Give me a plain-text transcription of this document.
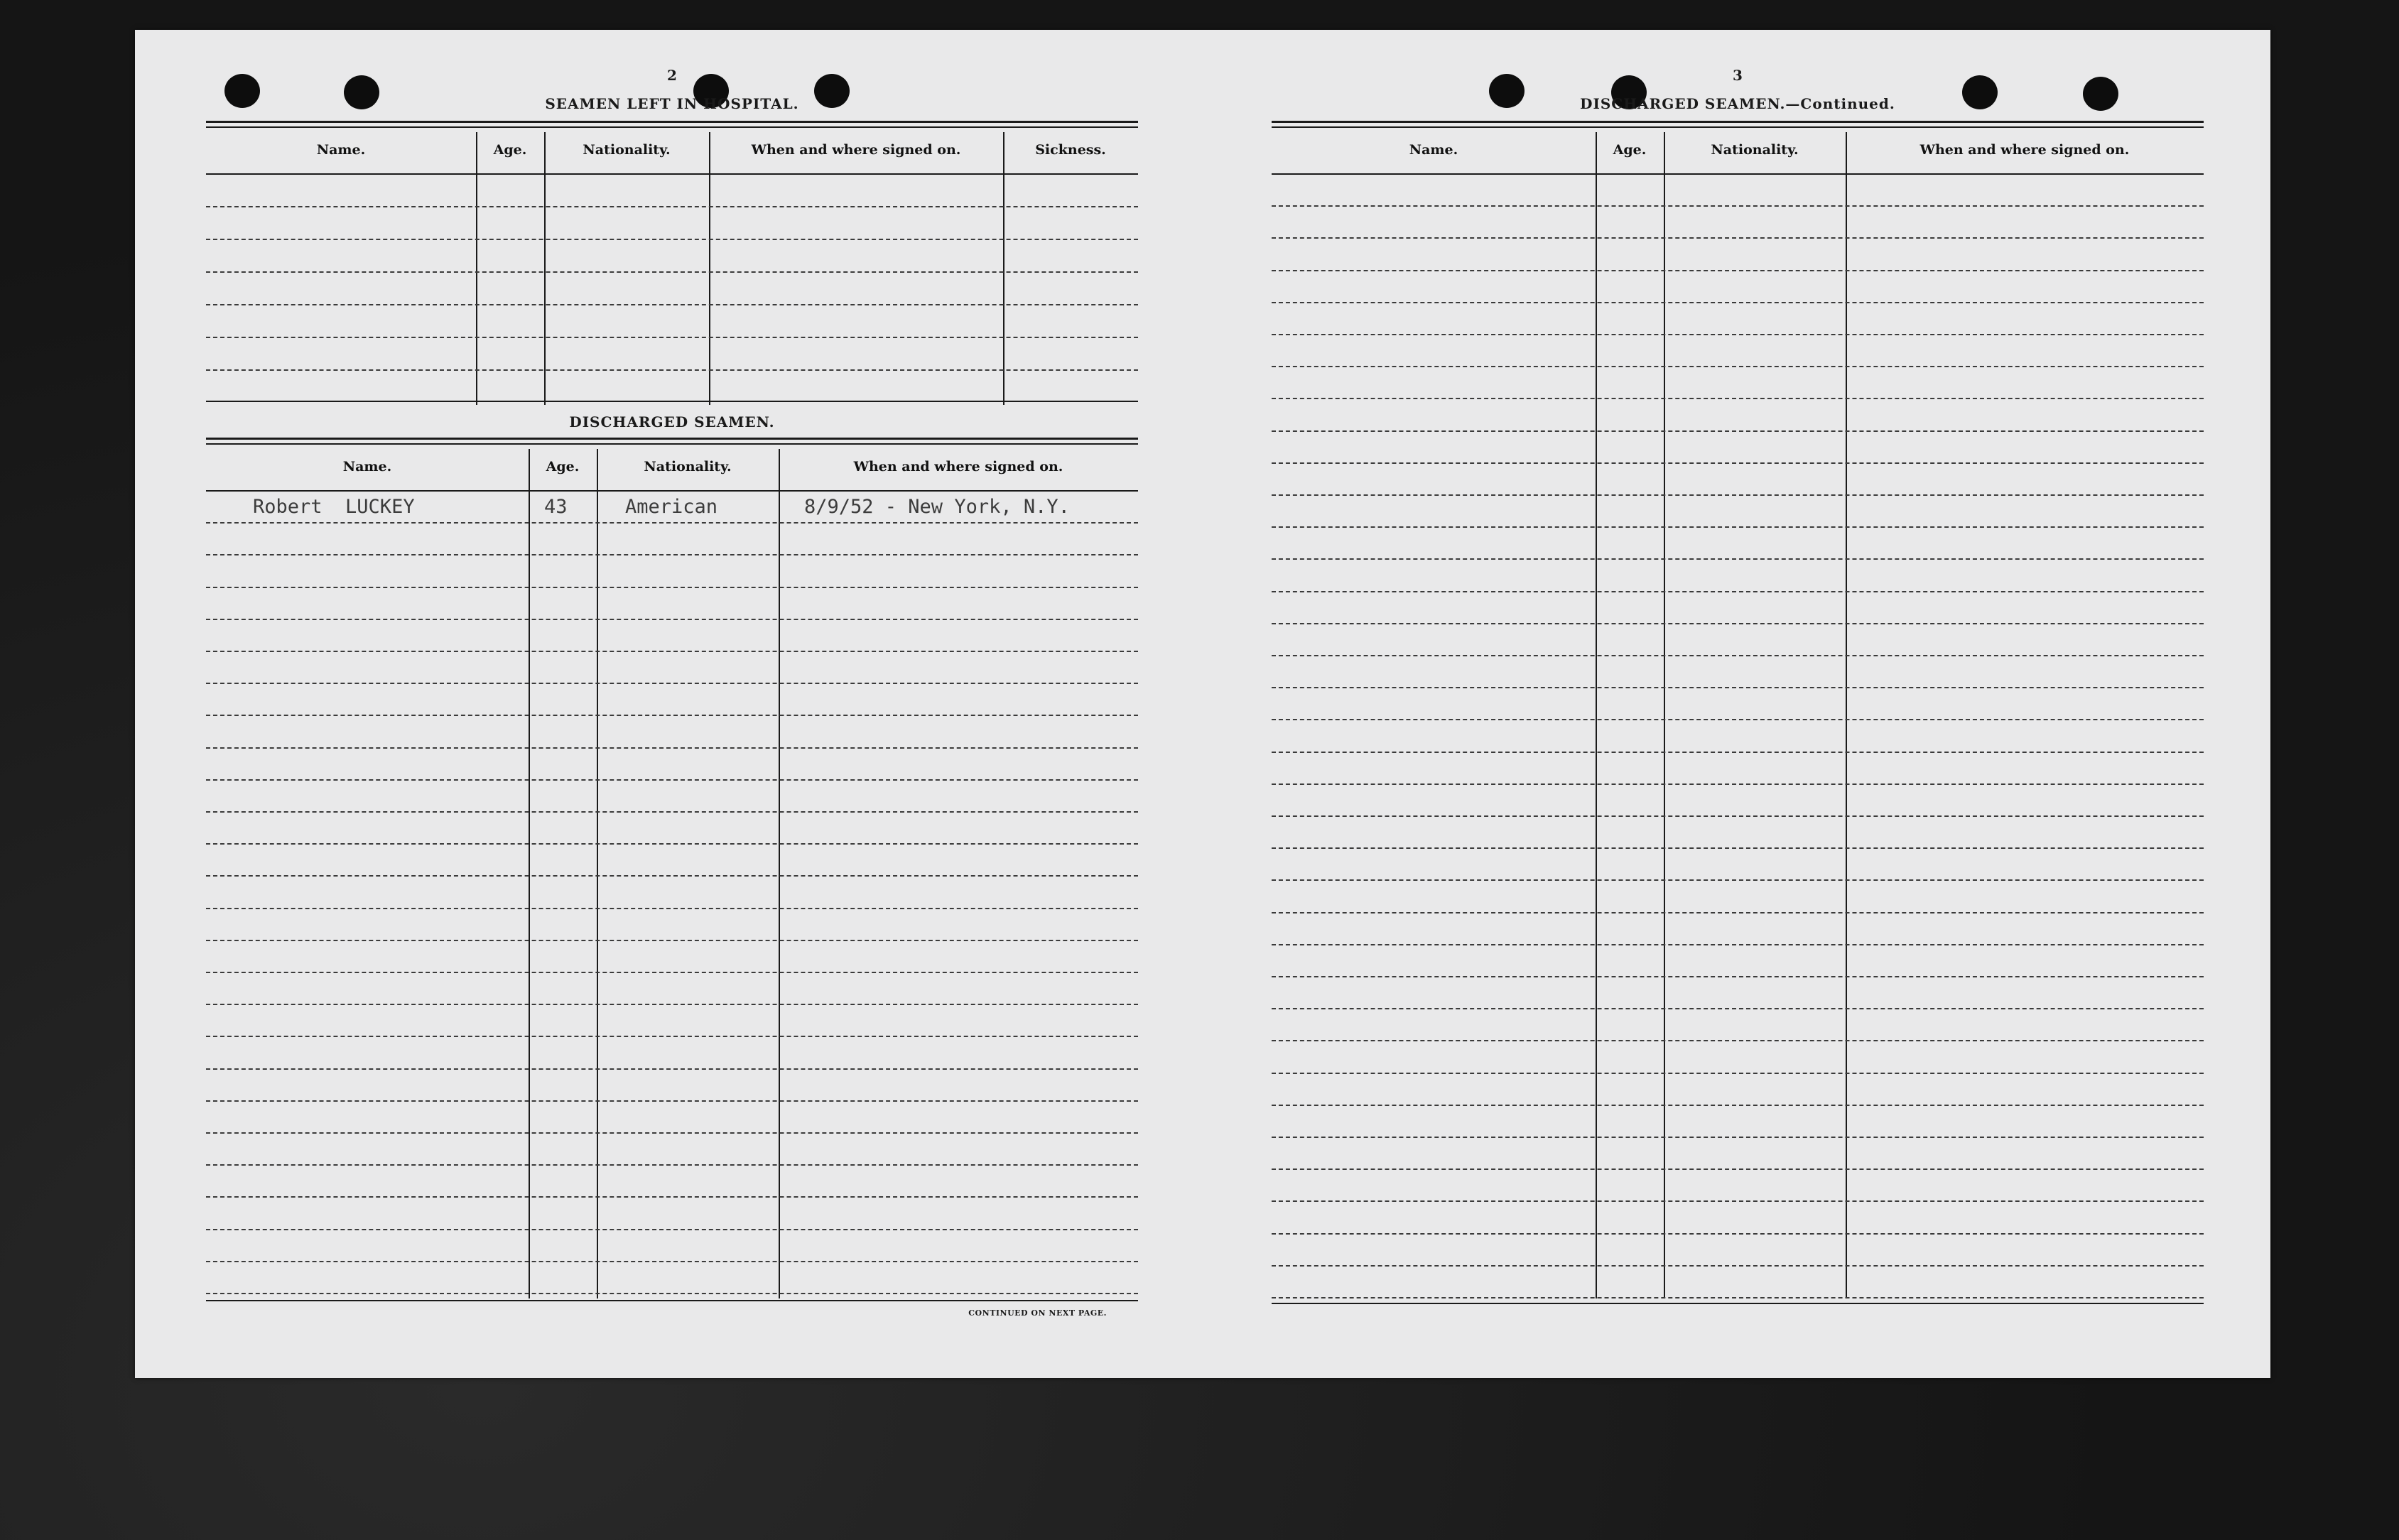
2
SEAMEN LEFT IN HOSPITAL.
Name.	Age.	Nationality.	When and where signed on.	Sickness.
DISCHARGED SEAMEN.
Name.	Age.	Nationality.	When and where signed on.
Robert  LUCKEY	43	American	8/9/52 - New York, N.Y.
CONTINUED ON NEXT PAGE.
3
DISCHARGED SEAMEN.—Continued.
Name.	Age.	Nationality.	When and where signed on.
